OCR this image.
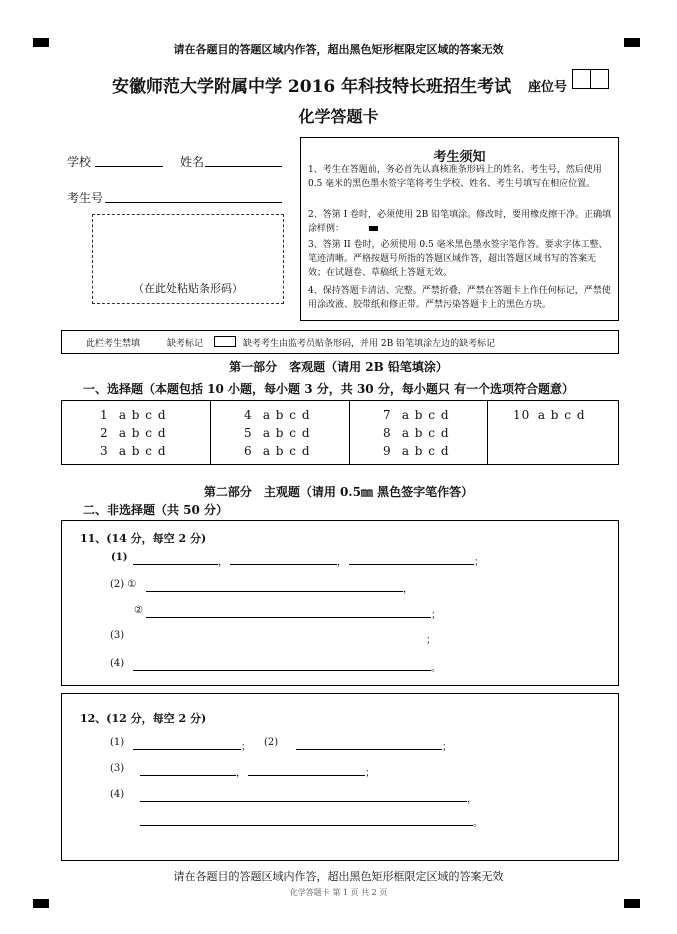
请在各题目的答题区域内作答，超出黑色矩形框限定区域的答案无效
安徽师范大学附属中学 2016 年科技特长班招生考试 座位号
化学答题卡
学校	姓名
考生号
（在此处粘贴条形码）
考生须知
1、考生在答题前，务必首先认真核准条形码上的姓名、考生号，然后使用 0.5 毫米的黑色墨水签字笔将考生学校、姓名、考生号填写在相应位置。
2、答第 I 卷时，必须使用 2B 铅笔填涂。修改时，要用橡皮擦干净。正确填涂样例：
3、答第 II 卷时，必须使用 0.5 毫米黑色墨水签字笔作答。要求字体工整、笔迹清晰。严格按题号所指的答题区域作答，超出答题区域书写的答案无效；在试题卷、草稿纸上答题无效。
4、保持答题卡清洁、完整。严禁折叠，严禁在答题卡上作任何标记，严禁使用涂改液、胶带纸和修正带。严禁污染答题卡上的黑色方块。
此栏考生禁填	缺考标记	缺考考生由监考员贴条形码，并用 2B 铅笔填涂左边的缺考标记
第一部分　客观题（请用 2B 铅笔填涂）
一、选择题（本题包括 10 小题，每小题 3 分，共 30 分，每小题只 有一个选项符合题意）
1 a b c d
2 a b c d
3 a b c d
4 a b c d
5 a b c d
6 a b c d
7 a b c d
8 a b c d
9 a b c d
10 a b c d
第二部分　主观题（请用 0.5㎜ 黑色签字笔作答）
二、非选择题（共 50 分）
11、(14 分，每空 2 分)
(1)	，	，	；
(2) ①	，
②	；
(3)	；
(4)	。
12、(12 分，每空 2 分)
(1)	； (2)	；
(3)	，	；
(4)	，
。
请在各题目的答题区域内作答，超出黑色矩形框限定区域的答案无效
化学答题卡 第 1 页 共 2 页
